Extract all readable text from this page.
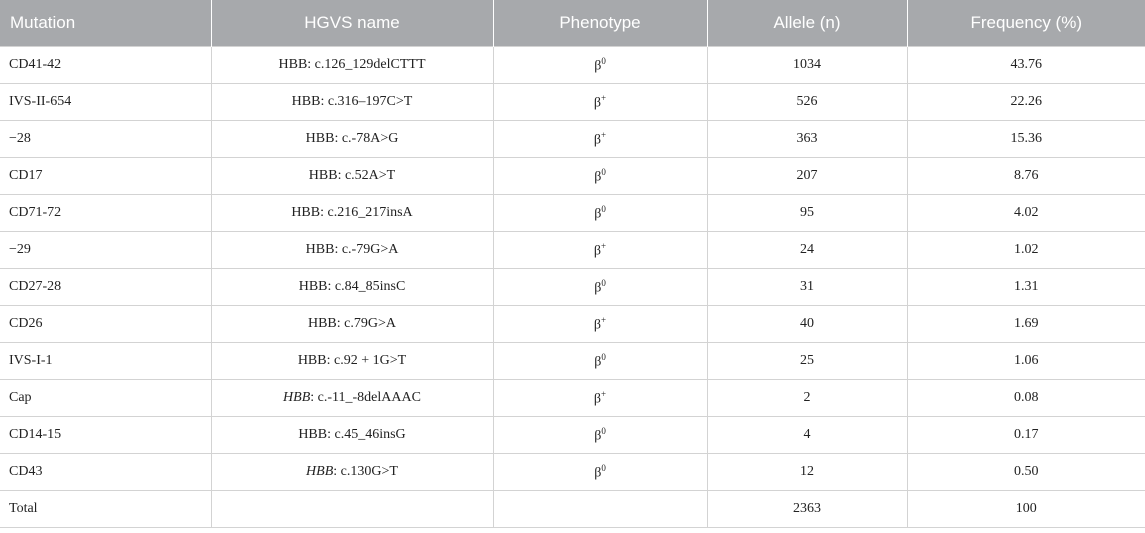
Mutation	HGVS name	Phenotype	Allele (n)	Frequency (%)
CD41-42	HBB: c.126_129delCTTT	$\beta^0$	1034	43.76
IVS-II-654	HBB: c.316–197C>T	β+	526	22.26
−28	HBB: c.-78A>G	β+	363	15.36
CD17	HBB: c.52A>T	$\beta^0$	207	8.76
CD71-72	HBB: c.216_217insA	$\beta^0$	95	4.02
−29	HBB: c.-79G>A	β+	24	1.02
CD27-28	HBB: c.84_85insC	$\beta^0$	31	1.31
CD26	HBB: c.79G>A	β+	40	1.69
IVS-I-1	HBB: c.92 + 1G>T	$\beta^0$	25	1.06
Cap	HBB: c.-11_-8delAAAC	β+	2	0.08
CD14-15	HBB: c.45_46insG	$\beta^0$	4	0.17
CD43	HBB: c.130G>T	$\beta^0$	12	0.50
Total			2363	100
